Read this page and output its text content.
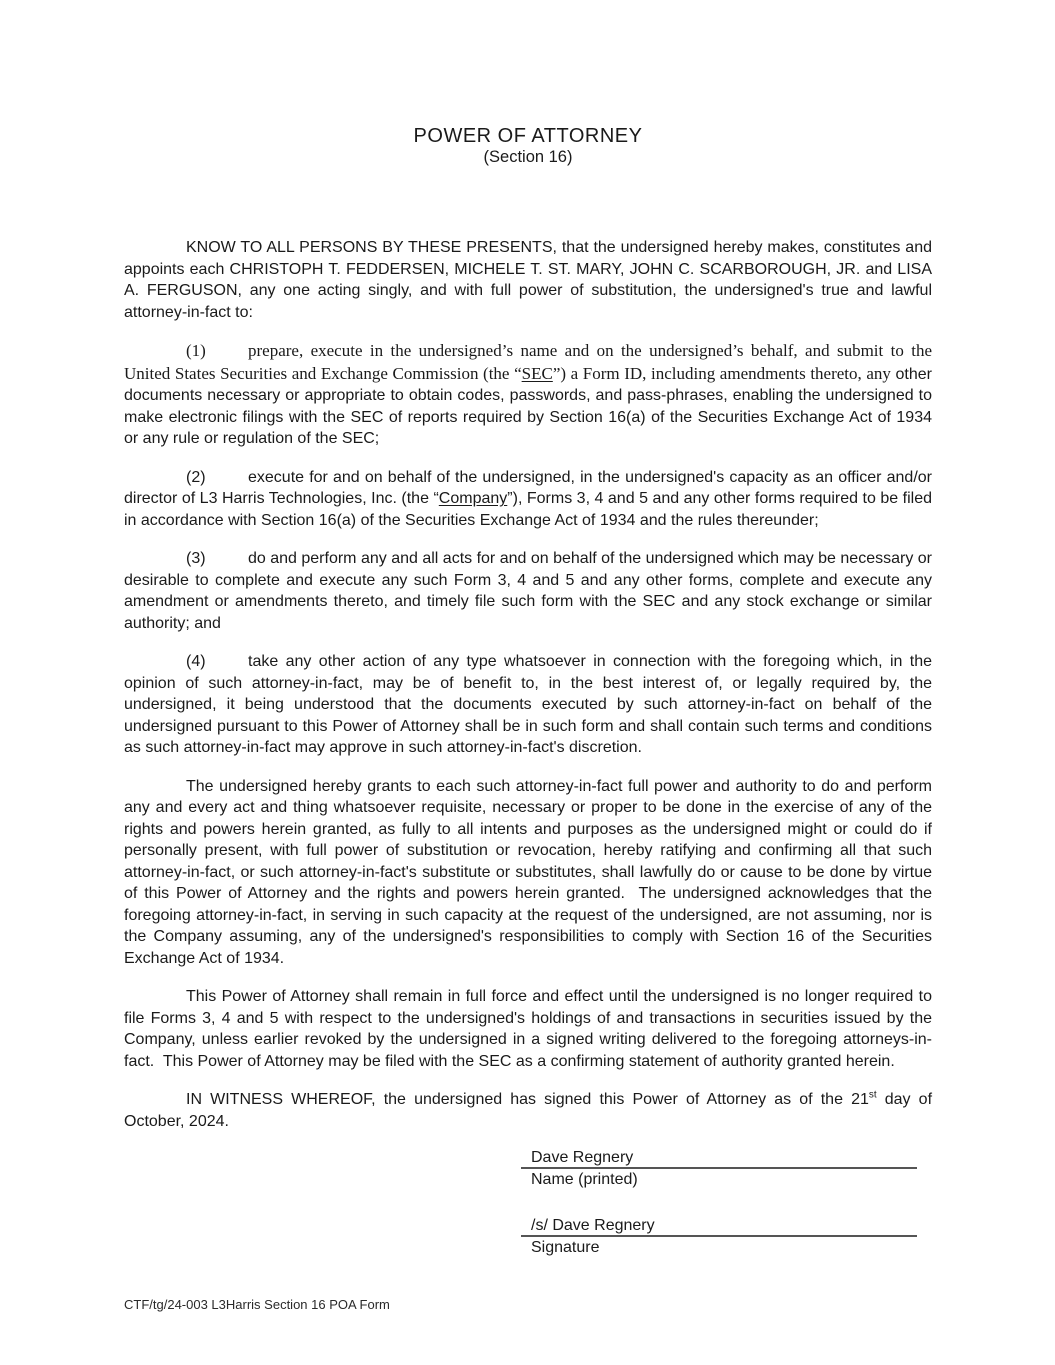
POWER OF ATTORNEY
(Section 16)

KNOW TO ALL PERSONS BY THESE PRESENTS, that the undersigned hereby makes, constitutes and appoints each CHRISTOPH T. FEDDERSEN, MICHELE T. ST. MARY, JOHN C. SCARBOROUGH, JR. and LISA A. FERGUSON, any one acting singly, and with full power of substitution, the undersigned's true and lawful attorney-in-fact to:

(1) prepare, execute in the undersigned’s name and on the undersigned’s behalf, and submit to the United States Securities and Exchange Commission (the “SEC”) a Form ID, including amendments thereto, any other documents necessary or appropriate to obtain codes, passwords, and pass-phrases, enabling the undersigned to make electronic filings with the SEC of reports required by Section 16(a) of the Securities Exchange Act of 1934 or any rule or regulation of the SEC;

(2)	execute for and on behalf of the undersigned, in the undersigned's capacity as an officer and/or director of L3 Harris Technologies, Inc. (the “Company”), Forms 3, 4 and 5 and any other forms required to be filed in accordance with Section 16(a) of the Securities Exchange Act of 1934 and the rules thereunder;

(3)	do and perform any and all acts for and on behalf of the undersigned which may be necessary or desirable to complete and execute any such Form 3, 4 and 5 and any other forms, complete and execute any amendment or amendments thereto, and timely file such form with the SEC and any stock exchange or similar authority; and

(4)	take any other action of any type whatsoever in connection with the foregoing which, in the opinion of such attorney-in-fact, may be of benefit to, in the best interest of, or legally required by, the undersigned, it being understood that the documents executed by such attorney-in-fact on behalf of the undersigned pursuant to this Power of Attorney shall be in such form and shall contain such terms and conditions as such attorney-in-fact may approve in such attorney-in-fact's discretion.

The undersigned hereby grants to each such attorney-in-fact full power and authority to do and perform any and every act and thing whatsoever requisite, necessary or proper to be done in the exercise of any of the rights and powers herein granted, as fully to all intents and purposes as the undersigned might or could do if personally present, with full power of substitution or revocation, hereby ratifying and confirming all that such attorney-in-fact, or such attorney-in-fact's substitute or substitutes, shall lawfully do or cause to be done by virtue of this Power of Attorney and the rights and powers herein granted.  The undersigned acknowledges that the foregoing attorney-in-fact, in serving in such capacity at the request of the undersigned, are not assuming, nor is the Company assuming, any of the undersigned's responsibilities to comply with Section 16 of the Securities Exchange Act of 1934.

This Power of Attorney shall remain in full force and effect until the undersigned is no longer required to file Forms 3, 4 and 5 with respect to the undersigned's holdings of and transactions in securities issued by the Company, unless earlier revoked by the undersigned in a signed writing delivered to the foregoing attorneys-in-fact.  This Power of Attorney may be filed with the SEC as a confirming statement of authority granted herein.

IN WITNESS WHEREOF, the undersigned has signed this Power of Attorney as of the 21st day of October, 2024.

Dave Regnery
Name (printed)
/s/ Dave Regnery
Signature
CTF/tg/24-003 L3Harris Section 16 POA Form
